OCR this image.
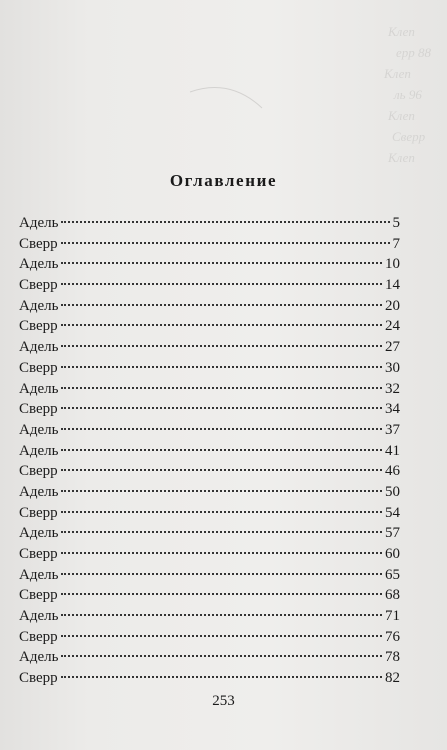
Клеп
ерр 88
Клеп
ль 96
Клеп
Сверр
Клеп
Оглавление
Адель	5
Сверр	7
Адель	10
Сверр	14
Адель	20
Сверр	24
Адель	27
Сверр	30
Адель	32
Сверр	34
Адель	37
Адель	41
Сверр	46
Адель	50
Сверр	54
Адель	57
Сверр	60
Адель	65
Сверр	68
Адель	71
Сверр	76
Адель	78
Сверр	82
253
